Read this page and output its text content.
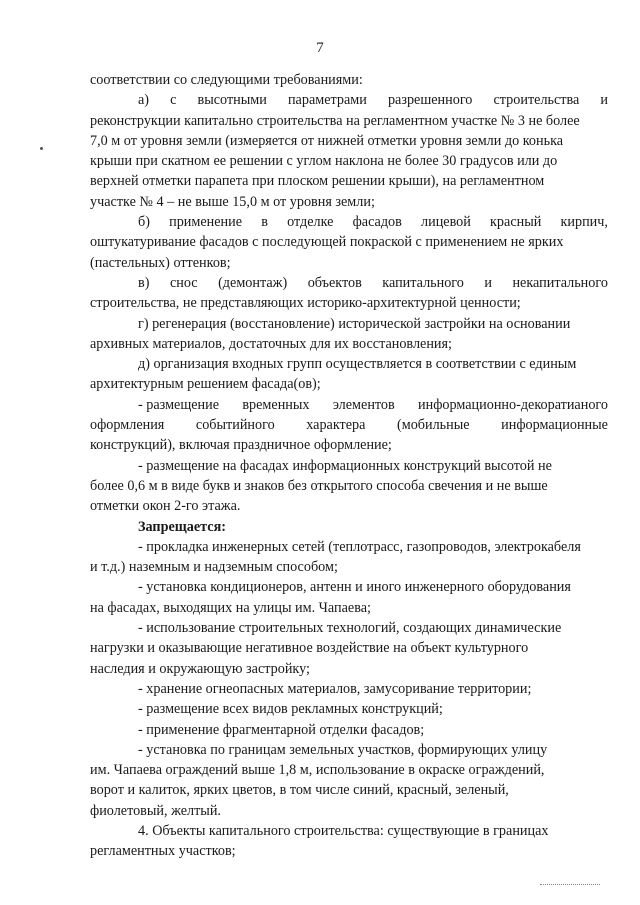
7
соответствии со следующими требованиями:
а) с высотными параметрами разрешенного строительства и
реконструкции капитально строительства на регламентном участке № 3 не более
7,0 м от уровня земли (измеряется от нижней отметки уровня земли до конька
крыши при скатном ее решении с углом наклона не более 30 градусов или до
верхней отметки парапета при плоском решении крыши), на регламентном
участке № 4 – не выше 15,0 м от уровня земли;
б) применение в отделке фасадов лицевой красный кирпич,
оштукатуривание фасадов с последующей покраской с применением не ярких
(пастельных) оттенков;
в) снос (демонтаж) объектов капитального и некапитального
строительства, не представляющих историко-архитектурной ценности;
г) регенерация (восстановление) исторической застройки на основании
архивных материалов, достаточных для их восстановления;
д) организация входных групп осуществляется в соответствии с единым
архитектурным решением фасада(ов);
- размещение временных элементов информационно-декоратианого
оформления событийного характера (мобильные информационные
конструкций), включая праздничное оформление;
- размещение на фасадах информационных конструкций высотой не
более 0,6 м в виде букв и знаков без открытого способа свечения и не выше
отметки окон 2-го этажа.
Запрещается:
- прокладка инженерных сетей (теплотрасс, газопроводов, электрокабеля
и т.д.) наземным и надземным способом;
- установка кондиционеров, антенн и иного инженерного оборудования
на фасадах, выходящих на улицы им. Чапаева;
- использование строительных технологий, создающих динамические
нагрузки и оказывающие негативное воздействие на объект культурного
наследия и окружающую застройку;
- хранение огнеопасных материалов, замусоривание территории;
- размещение всех видов рекламных конструкций;
- применение фрагментарной отделки фасадов;
- установка по границам земельных участков, формирующих улицу
им. Чапаева ограждений выше 1,8 м, использование в окраске ограждений,
ворот и калиток, ярких цветов, в том числе синий, красный, зеленый,
фиолетовый, желтый.
4. Объекты капитального строительства: существующие в границах
регламентных участков;
